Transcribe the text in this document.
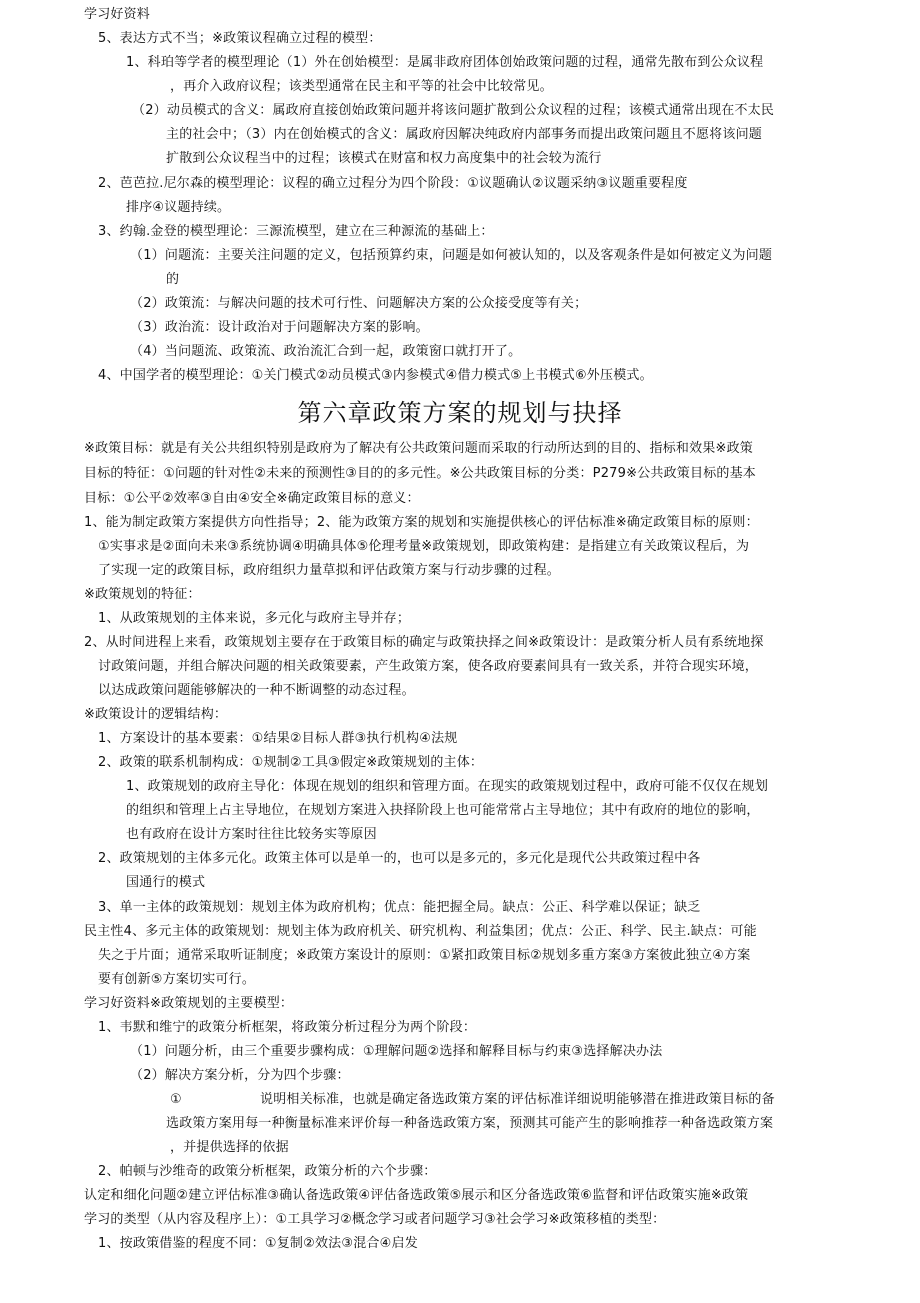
学习好资料
5、表达方式不当；※政策议程确立过程的模型：
1、科珀等学者的模型理论（1）外在创始模型：是属非政府团体创始政策问题的过程，通常先散布到公众议程
，再介入政府议程；该类型通常在民主和平等的社会中比较常见。
（2）动员模式的含义：属政府直接创始政策问题并将该问题扩散到公众议程的过程；该模式通常出现在不太民
主的社会中；（3）内在创始模式的含义：属政府因解决纯政府内部事务而提出政策问题且不愿将该问题
扩散到公众议程当中的过程；该模式在财富和权力高度集中的社会较为流行
2、芭芭拉.尼尔森的模型理论：议程的确立过程分为四个阶段：①议题确认②议题采纳③议题重要程度
排序④议题持续。
3、约翰.金登的模型理论：三源流模型，建立在三种源流的基础上：
（1）问题流：主要关注问题的定义，包括预算约束，问题是如何被认知的，以及客观条件是如何被定义为问题
的
（2）政策流：与解决问题的技术可行性、问题解决方案的公众接受度等有关；
（3）政治流：设计政治对于问题解决方案的影响。
（4）当问题流、政策流、政治流汇合到一起，政策窗口就打开了。
4、中国学者的模型理论：①关门模式②动员模式③内参模式④借力模式⑤上书模式⑥外压模式。
第六章政策方案的规划与抉择
※政策目标：就是有关公共组织特别是政府为了解决有公共政策问题而采取的行动所达到的目的、指标和效果※政策
目标的特征：①问题的针对性②未来的预测性③目的的多元性。※公共政策目标的分类：P279※公共政策目标的基本
目标：①公平②效率③自由④安全※确定政策目标的意义：
1、能为制定政策方案提供方向性指导；2、能为政策方案的规划和实施提供核心的评估标准※确定政策目标的原则：
①实事求是②面向未来③系统协调④明确具体⑤伦理考量※政策规划，即政策构建：是指建立有关政策议程后，为
了实现一定的政策目标，政府组织力量草拟和评估政策方案与行动步骤的过程。
※政策规划的特征：
1、从政策规划的主体来说，多元化与政府主导并存；
2、从时间进程上来看，政策规划主要存在于政策目标的确定与政策抉择之间※政策设计：是政策分析人员有系统地探
讨政策问题，并组合解决问题的相关政策要素，产生政策方案，使各政府要素间具有一致关系，并符合现实环境，
以达成政策问题能够解决的一种不断调整的动态过程。
※政策设计的逻辑结构：
1、方案设计的基本要素：①结果②目标人群③执行机构④法规
2、政策的联系机制构成：①规制②工具③假定※政策规划的主体：
1、政策规划的政府主导化：体现在规划的组织和管理方面。在现实的政策规划过程中，政府可能不仅仅在规划
的组织和管理上占主导地位，在规划方案进入抉择阶段上也可能常常占主导地位；其中有政府的地位的影响，
也有政府在设计方案时往往比较务实等原因
2、政策规划的主体多元化。政策主体可以是单一的，也可以是多元的，多元化是现代公共政策过程中各
国通行的模式
3、单一主体的政策规划：规划主体为政府机构；优点：能把握全局。缺点：公正、科学难以保证；缺乏
民主性4、多元主体的政策规划：规划主体为政府机关、研究机构、利益集团；优点：公正、科学、民主.缺点：可能
失之于片面；通常采取听证制度；※政策方案设计的原则：①紧扣政策目标②规划多重方案③方案彼此独立④方案
要有创新⑤方案切实可行。
学习好资料※政策规划的主要模型：
1、韦默和维宁的政策分析框架，将政策分析过程分为两个阶段：
（1）问题分析，由三个重要步骤构成：①理解问题②选择和解释目标与约束③选择解决办法
（2）解决方案分析，分为四个步骤：
①	说明相关标准，也就是确定备选政策方案的评估标准详细说明能够潜在推进政策目标的备
选政策方案用每一种衡量标准来评价每一种备选政策方案，预测其可能产生的影响推荐一种备选政策方案
，并提供选择的依据
2、帕顿与沙维奇的政策分析框架，政策分析的六个步骤：
认定和细化问题②建立评估标准③确认备选政策④评估备选政策⑤展示和区分备选政策⑥监督和评估政策实施※政策
学习的类型（从内容及程序上）：①工具学习②概念学习或者问题学习③社会学习※政策移植的类型：
1、按政策借鉴的程度不同：①复制②效法③混合④启发
